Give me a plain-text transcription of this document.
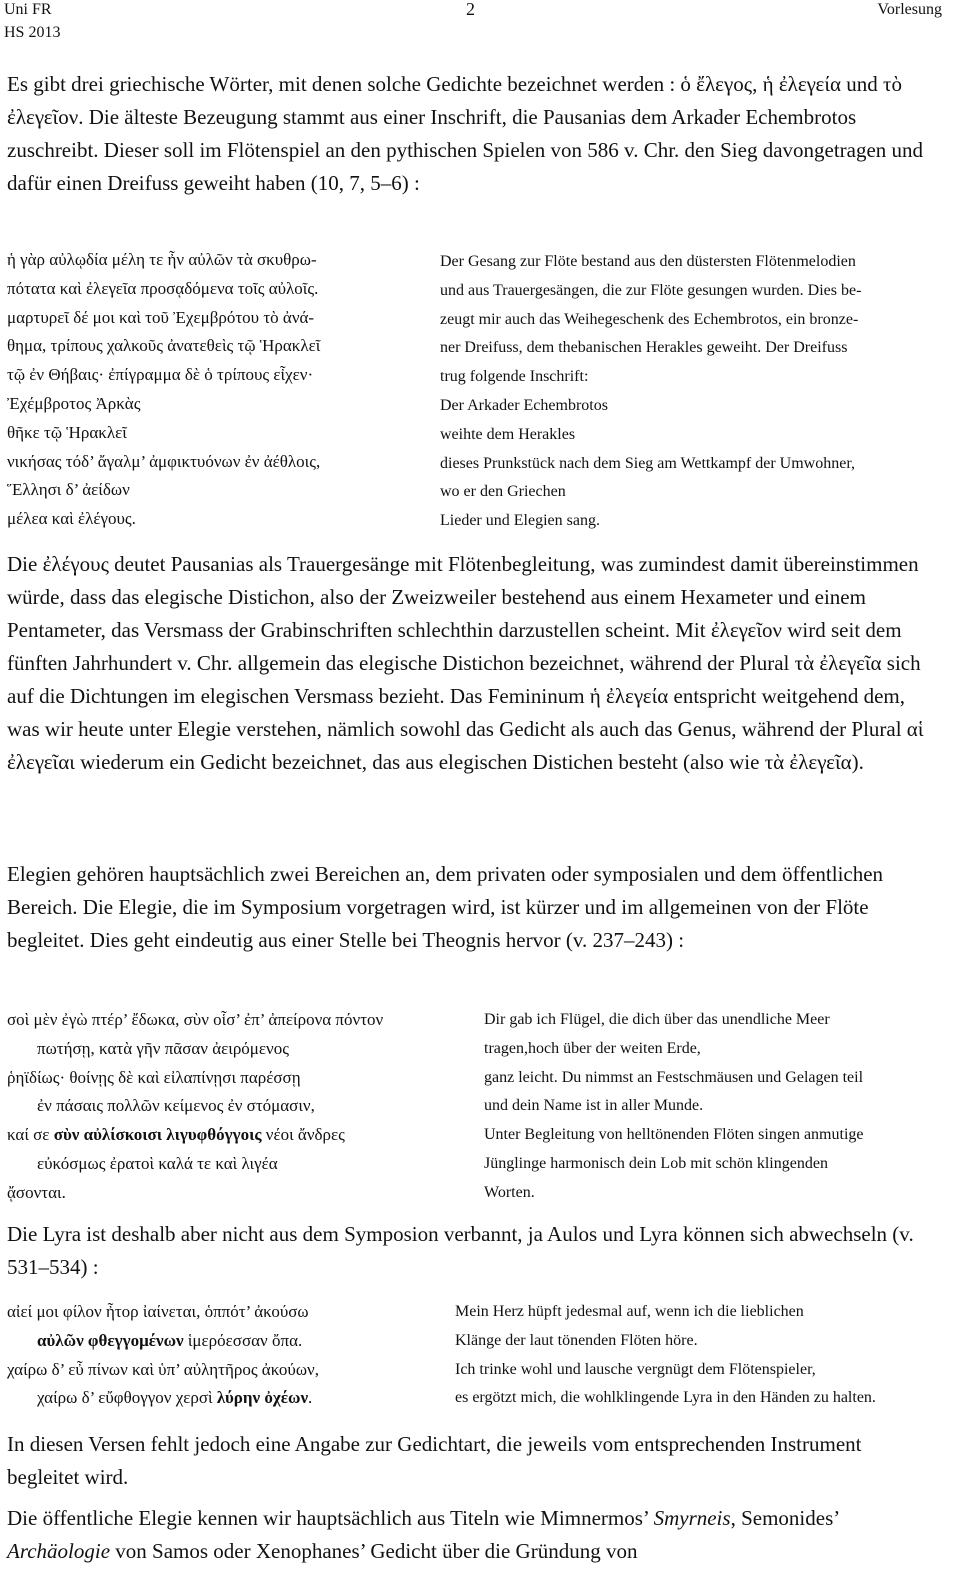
Uni FR
HS 2013
2	Vorlesung

Es gibt drei griechische Wörter, mit denen solche Gedichte bezeichnet werden : ὁ ἔλεγος, ἡ ἐλεγεία und τὸ ἐλεγεῖον. Die älteste Bezeugung stammt aus einer Inschrift, die Pausanias dem Arkader Echembrotos zuschreibt. Dieser soll im Flötenspiel an den pythischen Spielen von 586 v. Chr. den Sieg davongetragen und dafür einen Dreifuss geweiht haben (10, 7, 5–6) :

ἡ γὰρ αὐλῳδία μέλη τε ἦν αὐλῶν τὰ σκυθρω-
πότατα καὶ ἐλεγεῖα προσᾳδόμενα τοῖς αὐλοῖς.
μαρτυρεῖ δέ μοι καὶ τοῦ Ἐχεμβρότου τὸ ἀνά-
θημα, τρίπους χαλκοῦς ἀνατεθεὶς τῷ Ἡρακλεῖ
τῷ ἐν Θήβαις· ἐπίγραμμα δὲ ὁ τρίπους εἶχεν·
Ἐχέμβροτος Ἀρκὰς
θῆκε τῷ Ἡρακλεῖ
νικήσας τόδ’ ἄγαλμ’ ἀμφικτυόνων ἐν ἀέθλοις,
Ἕλλησι δ’ ἀείδων
μέλεα καὶ ἐλέγους.
Der Gesang zur Flöte bestand aus den düstersten Flötenmelodien
und aus Trauergesängen, die zur Flöte gesungen wurden. Dies be-
zeugt mir auch das Weihegeschenk des Echembrotos, ein bronze-
ner Dreifuss, dem thebanischen Herakles geweiht. Der Dreifuss
trug folgende Inschrift:
Der Arkader Echembrotos
weihte dem Herakles
dieses Prunkstück nach dem Sieg am Wettkampf der Umwohner,
wo er den Griechen
Lieder und Elegien sang.

Die ἐλέγους deutet Pausanias als Trauergesänge mit Flötenbegleitung, was zumindest damit übereinstimmen würde, dass das elegische Distichon, also der Zweizweiler bestehend aus einem Hexameter und einem Pentameter, das Versmass der Grabinschriften schlechthin darzustellen scheint. Mit ἐλεγεῖον wird seit dem fünften Jahrhundert v. Chr. allgemein das elegische Distichon bezeichnet, während der Plural τὰ ἐλεγεῖα sich auf die Dichtungen im elegischen Versmass bezieht. Das Femininum ἡ ἐλεγεία entspricht weitgehend dem, was wir heute unter Elegie verstehen, nämlich sowohl das Gedicht als auch das Genus, während der Plural αἱ ἐλεγεῖαι wiederum ein Gedicht bezeichnet, das aus elegischen Distichen besteht (also wie τὰ ἐλεγεῖα).

Elegien gehören hauptsächlich zwei Bereichen an, dem privaten oder symposialen und dem öffentlichen Bereich. Die Elegie, die im Symposium vorgetragen wird, ist kürzer und im allgemeinen von der Flöte begleitet. Dies geht eindeutig aus einer Stelle bei Theognis hervor (v. 237–243) :

σοὶ μὲν ἐγὼ πτέρ’ ἔδωκα, σὺν οἷσ’ ἐπ’ ἀπείρονα πόντον
πωτήσῃ, κατὰ γῆν πᾶσαν ἀειρόμενος
ῥηϊδίως· θοίνῃς δὲ καὶ εἰλαπίνῃσι παρέσσῃ
ἐν πάσαις πολλῶν κείμενος ἐν στόμασιν,
καί σε σὺν αὐλίσκοισι λιγυφθόγγοις νέοι ἄνδρες
εὐκόσμως ἐρατοὶ καλά τε καὶ λιγέα
ᾄσονται.
Dir gab ich Flügel, die dich über das unendliche Meer
tragen,hoch über der weiten Erde,
ganz leicht. Du nimmst an Festschmäusen und Gelagen teil
und dein Name ist in aller Munde.
Unter Begleitung von helltönenden Flöten singen anmutige
Jünglinge harmonisch dein Lob mit schön klingenden
Worten.

Die Lyra ist deshalb aber nicht aus dem Symposion verbannt, ja Aulos und Lyra können sich abwechseln (v. 531–534) :

αἰεί μοι φίλον ἦτορ ἰαίνεται, ὁππότ’ ἀκούσω
αὐλῶν φθεγγομένων ἱμερόεσσαν ὄπα.
χαίρω δ’ εὖ πίνων καὶ ὑπ’ αὐλητῆρος ἀκούων,
χαίρω δ’ εὔφθογγον χερσὶ λύρην ὀχέων.
Mein Herz hüpft jedesmal auf, wenn ich die lieblichen
Klänge der laut tönenden Flöten höre.
Ich trinke wohl und lausche vergnügt dem Flötenspieler,
es ergötzt mich, die wohlklingende Lyra in den Händen zu halten.

In diesen Versen fehlt jedoch eine Angabe zur Gedichtart, die jeweils vom entsprechenden Instrument begleitet wird.

Die öffentliche Elegie kennen wir hauptsächlich aus Titeln wie Mimnermos’ Smyrneis, Semonides’ Archäologie von Samos oder Xenophanes’ Gedicht über die Gründung von
